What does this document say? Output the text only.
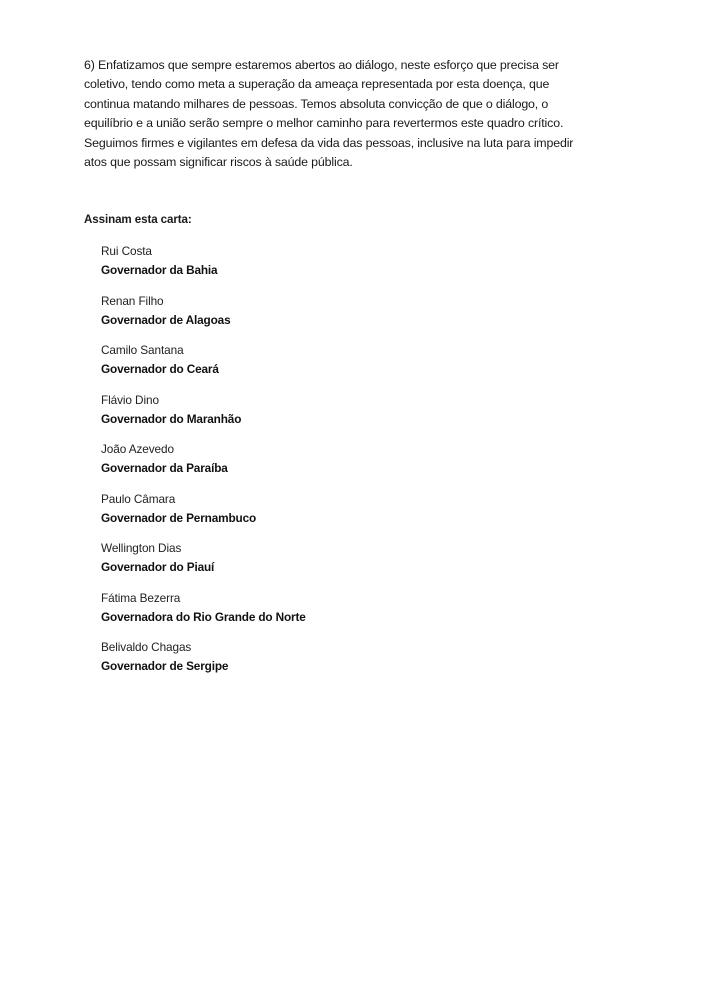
6) Enfatizamos que sempre estaremos abertos ao diálogo, neste esforço que precisa ser
coletivo, tendo como meta a superação da ameaça representada por esta doença, que
continua matando milhares de pessoas. Temos absoluta convicção de que o diálogo, o
equilíbrio e a união serão sempre o melhor caminho para revertermos este quadro crítico.
Seguimos firmes e vigilantes em defesa da vida das pessoas, inclusive na luta para impedir
atos que possam significar riscos à saúde pública.

Assinam esta carta:

Rui Costa
Governador da Bahia
Renan Filho
Governador de Alagoas
Camilo Santana
Governador do Ceará
Flávio Dino
Governador do Maranhão
João Azevedo
Governador da Paraíba
Paulo Câmara
Governador de Pernambuco
Wellington Dias
Governador do Piauí
Fátima Bezerra
Governadora do Rio Grande do Norte
Belivaldo Chagas
Governador de Sergipe
